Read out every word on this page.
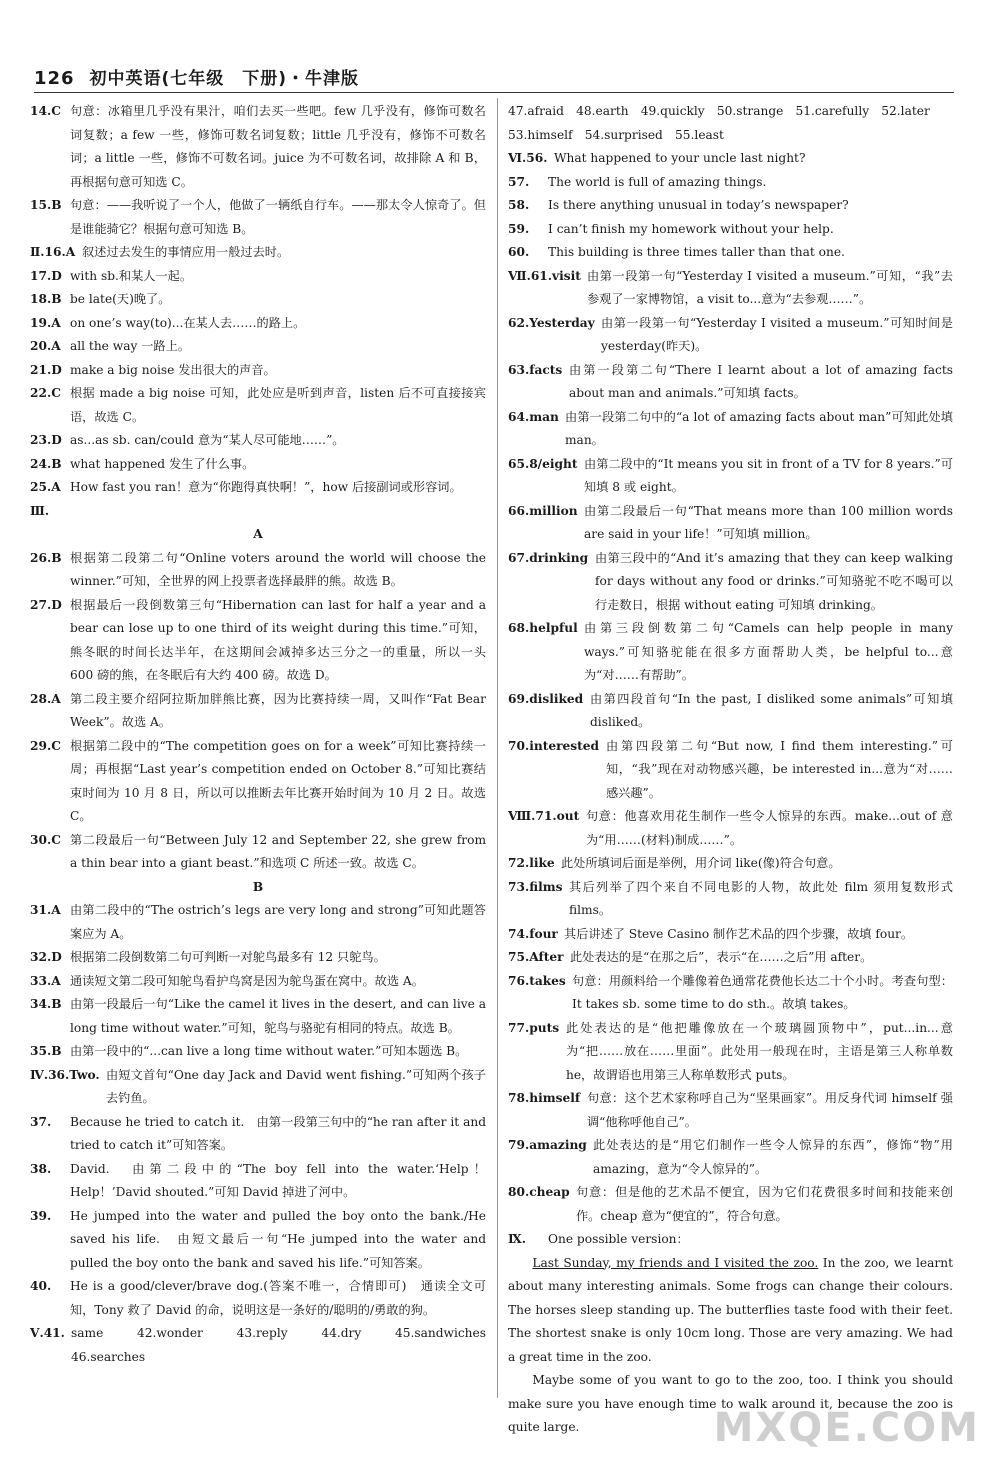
126 初中英语(七年级　下册)・牛津版
14.C 句意：冰箱里几乎没有果汁，咱们去买一些吧。few 几乎没有，修饰可数名词复数；a few 一些，修饰可数名词复数；little 几乎没有，修饰不可数名词；a little 一些，修饰不可数名词。juice 为不可数名词，故排除 A 和 B，再根据句意可知选 C。
15.B 句意：——我听说了一个人，他做了一辆纸自行车。——那太令人惊奇了。但是谁能骑它？根据句意可知选 B。
Ⅱ.16.A 叙述过去发生的事情应用一般过去时。
17.D with sb.和某人一起。
18.B be late(天)晚了。
19.A on one’s way(to)...在某人去……的路上。
20.A all the way 一路上。
21.D make a big noise 发出很大的声音。
22.C 根据 made a big noise 可知，此处应是听到声音，listen 后不可直接接宾语，故选 C。
23.D as...as sb. can/could 意为“某人尽可能地……”。
24.B what happened 发生了什么事。
25.A How fast you ran！意为“你跑得真快啊！”，how 后接副词或形容词。
Ⅲ.
A
26.B 根据第二段第二句“Online voters around the world will choose the winner.”可知，全世界的网上投票者选择最胖的熊。故选 B。
27.D 根据最后一段倒数第三句“Hibernation can last for half a year and a bear can lose up to one third of its weight during this time.”可知，熊冬眠的时间长达半年，在这期间会减掉多达三分之一的重量，所以一头 600 磅的熊，在冬眠后有大约 400 磅。故选 D。
28.A 第二段主要介绍阿拉斯加胖熊比赛，因为比赛持续一周，又叫作“Fat Bear Week”。故选 A。
29.C 根据第二段中的“The competition goes on for a week”可知比赛持续一周；再根据“Last year’s competition ended on October 8.”可知比赛结束时间为 10 月 8 日，所以可以推断去年比赛开始时间为 10 月 2 日。故选 C。
30.C 第二段最后一句“Between July 12 and September 22, she grew from a thin bear into a giant beast.”和选项 C 所述一致。故选 C。
B
31.A 由第二段中的“The ostrich’s legs are very long and strong”可知此题答案应为 A。
32.D 根据第二段倒数第二句可判断一对鸵鸟最多有 12 只鸵鸟。
33.A 通读短文第二段可知鸵鸟看护鸟窝是因为鸵鸟蛋在窝中。故选 A。
34.B 由第一段最后一句“Like the camel it lives in the desert, and can live a long time without water.”可知，鸵鸟与骆驼有相同的特点。故选 B。
35.B 由第一段中的“...can live a long time without water.”可知本题选 B。
Ⅳ.36.Two. 由短文首句“One day Jack and David went fishing.”可知两个孩子去钓鱼。
37. Because he tried to catch it.　由第一段第三句中的“he ran after it and tried to catch it”可知答案。
38. David.　由第二段中的“The boy fell into the water.‘Help！Help！’David shouted.”可知 David 掉进了河中。
39. He jumped into the water and pulled the boy onto the bank./He saved his life.　由短文最后一句“He jumped into the water and pulled the boy onto the bank and saved his life.”可知答案。
40. He is a good/clever/brave dog.(答案不唯一，合情即可)　通读全文可知，Tony 救了 David 的命，说明这是一条好的/聪明的/勇敢的狗。
Ⅴ.41. same　42.wonder　43.reply　44.dry　45.sandwiches　46.searches
47.afraid　48.earth　49.quickly　50.strange　51.carefully　52.later
53.himself　54.surprised　55.least
Ⅵ.56. What happened to your uncle last night?
57. The world is full of amazing things.
58. Is there anything unusual in today’s newspaper?
59. I can’t finish my homework without your help.
60. This building is three times taller than that one.
Ⅶ.61.visit 由第一段第一句“Yesterday I visited a museum.”可知，“我”去参观了一家博物馆，a visit to...意为“去参观……”。
62.Yesterday 由第一段第一句“Yesterday I visited a museum.”可知时间是 yesterday(昨天)。
63.facts 由第一段第二句“There I learnt about a lot of amazing facts about man and animals.”可知填 facts。
64.man 由第一段第二句中的“a lot of amazing facts about man”可知此处填 man。
65.8/eight 由第二段中的“It means you sit in front of a TV for 8 years.”可知填 8 或 eight。
66.million 由第二段最后一句“That means more than 100 million words are said in your life！”可知填 million。
67.drinking 由第三段中的“And it’s amazing that they can keep walking for days without any food or drinks.”可知骆驼不吃不喝可以行走数日，根据 without eating 可知填 drinking。
68.helpful 由第三段倒数第二句“Camels can help people in many ways.”可知骆驼能在很多方面帮助人类，be helpful to...意为“对……有帮助”。
69.disliked 由第四段首句“In the past, I disliked some animals”可知填 disliked。
70.interested 由第四段第二句“But now, I find them interesting.”可知，“我”现在对动物感兴趣，be interested in...意为“对……感兴趣”。
Ⅷ.71.out 句意：他喜欢用花生制作一些令人惊异的东西。make...out of 意为“用……(材料)制成……”。
72.like 此处所填词后面是举例，用介词 like(像)符合句意。
73.films 其后列举了四个来自不同电影的人物，故此处 film 须用复数形式 films。
74.four 其后讲述了 Steve Casino 制作艺术品的四个步骤，故填 four。
75.After 此处表达的是“在那之后”，表示“在……之后”用 after。
76.takes 句意：用颜料给一个雕像着色通常花费他长达二十个小时。考查句型：It takes sb. some time to do sth.。故填 takes。
77.puts 此处表达的是“他把雕像放在一个玻璃圆顶物中”，put...in...意为“把……放在……里面”。此处用一般现在时，主语是第三人称单数 he，故谓语也用第三人称单数形式 puts。
78.himself 句意：这个艺术家称呼自己为“坚果画家”。用反身代词 himself 强调“他称呼他自己”。
79.amazing 此处表达的是“用它们制作一些令人惊异的东西”，修饰“物”用 amazing，意为“令人惊异的”。
80.cheap 句意：但是他的艺术品不便宜，因为它们花费很多时间和技能来创作。cheap 意为“便宜的”，符合句意。
Ⅸ. One possible version：
Last Sunday, my friends and I visited the zoo. In the zoo, we learnt about many interesting animals. Some frogs can change their colours. The horses sleep standing up. The butterflies taste food with their feet. The shortest snake is only 10cm long. Those are very amazing. We had a great time in the zoo.
Maybe some of you want to go to the zoo, too. I think you should make sure you have enough time to walk around it, because the zoo is quite large.	MXQE.COM
